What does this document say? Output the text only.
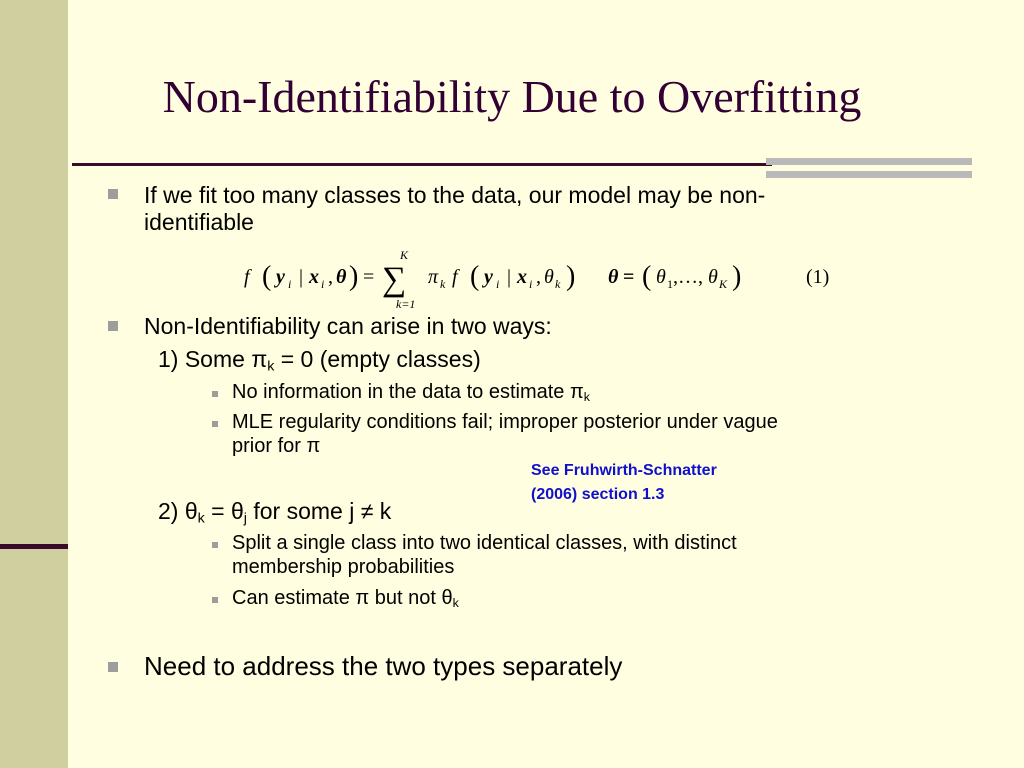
Non-Identifiability Due to Overfitting
If we fit too many classes to the data, our model may be non-
identifiable
f ( y i | x i , θ ) =
K
∑
k=1
π k f ( y i | x i , θ k ) θ = ( θ 1 ,…, θ K )	(1)
Non-Identifiability can arise in two ways:
1) Some $\pi_k = 0$ (empty classes)
No information in the data to estimate $\pi_k$
MLE regularity conditions fail; improper posterior under vague
prior for π
See Fruhwirth-Schnatter
(2006) section 1.3
2) $\theta_k = \theta_j$ for some j ≠ k
Split a single class into two identical classes, with distinct
membership probabilities
Can estimate π but not $\theta_k$
Need to address the two types separately
